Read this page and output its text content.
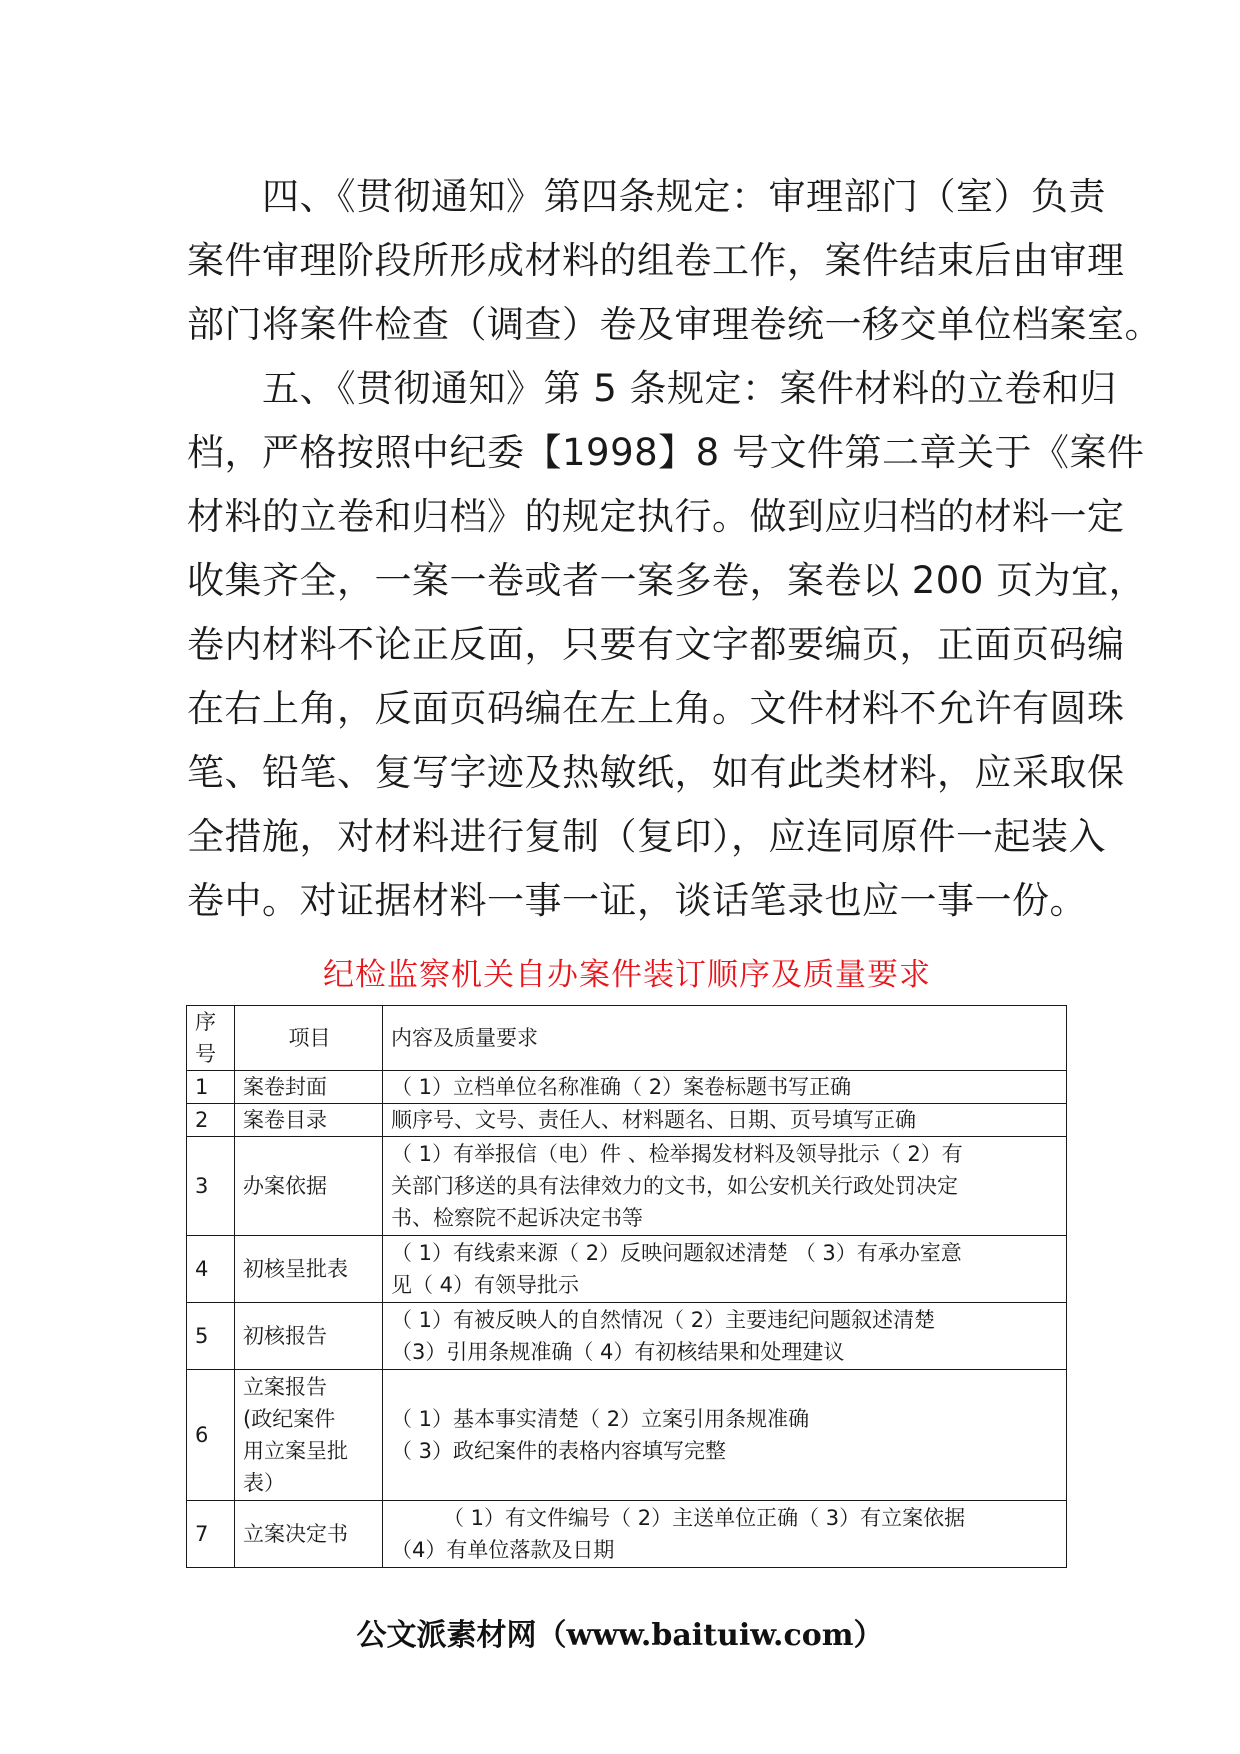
　　四、《贯彻通知》第四条规定：审理部门（室）负责
案件审理阶段所形成材料的组卷工作，案件结束后由审理
部门将案件检查（调查）卷及审理卷统一移交单位档案室。
　　五、《贯彻通知》第 5 条规定：案件材料的立卷和归
档，严格按照中纪委【1998】8 号文件第二章关于《案件
材料的立卷和归档》的规定执行。做到应归档的材料一定
收集齐全，一案一卷或者一案多卷，案卷以 200 页为宜，
卷内材料不论正反面，只要有文字都要编页，正面页码编
在右上角，反面页码编在左上角。文件材料不允许有圆珠
笔、铅笔、复写字迹及热敏纸，如有此类材料，应采取保
全措施，对材料进行复制（复印），应连同原件一起装入
卷中。对证据材料一事一证，谈话笔录也应一事一份。

纪检监察机关自办案件装订顺序及质量要求

序
号	项目	内容及质量要求
1	案卷封面	（ 1）立档单位名称准确（ 2）案卷标题书写正确

2	案卷目录	顺序号、文号、责任人、材料题名、日期、页号填写正确

3	办案依据	（ 1）有举报信（电）件 、检举揭发材料及领导批示（ 2）有
关部门移送的具有法律效力的文书，如公安机关行政处罚决定
书、检察院不起诉决定书等

4	初核呈批表	（ 1）有线索来源（ 2）反映问题叙述清楚 （ 3）有承办室意
见（ 4）有领导批示

5	初核报告	（ 1）有被反映人的自然情况（ 2）主要违纪问题叙述清楚
（3）引用条规准确（ 4）有初核结果和处理建议

6	立案报告
(政纪案件
用立案呈批
表）	（ 1）基本事实清楚（ 2）立案引用条规准确
（ 3）政纪案件的表格内容填写完整

7	立案决定书	（ 1）有文件编号（ 2）主送单位正确（ 3）有立案依据
（4）有单位落款及日期

公文派素材网（www.baituiw.com）
